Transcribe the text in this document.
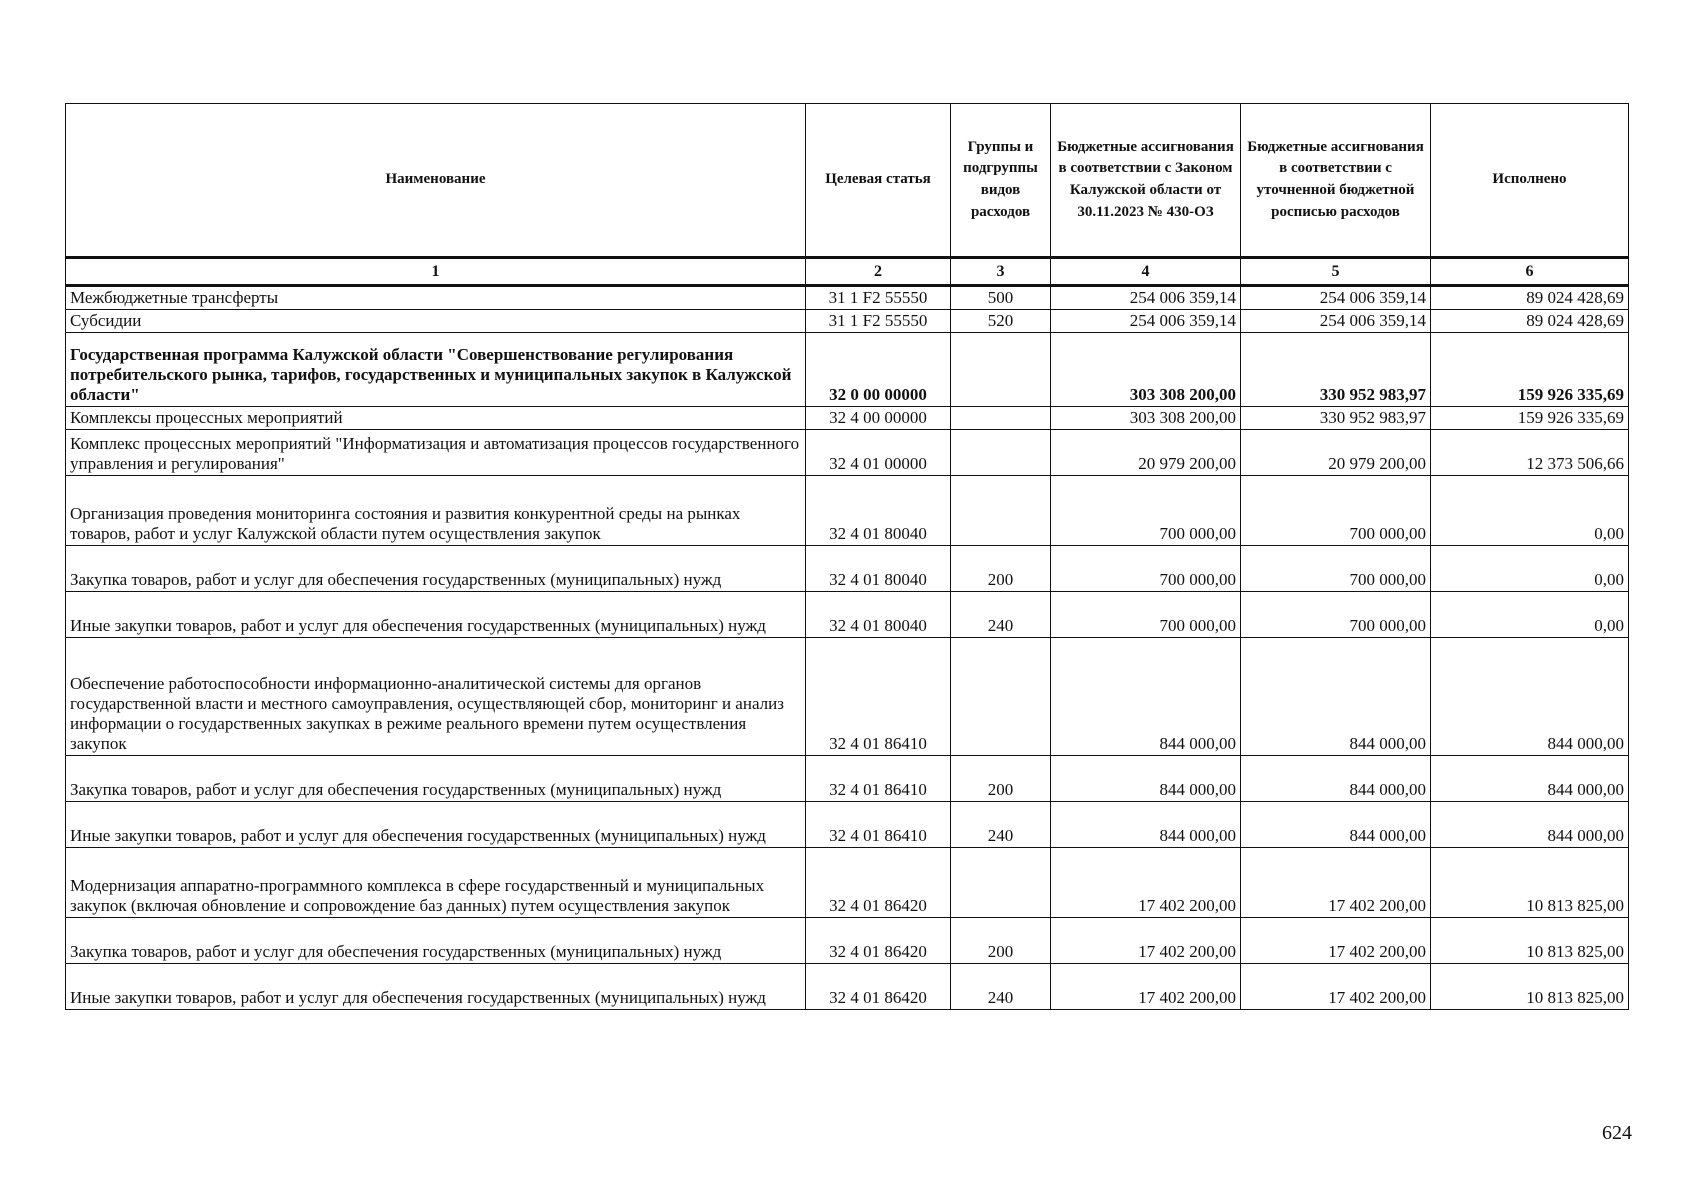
Наименование	Целевая статья	Группы и подгруппы видов расходов	Бюджетные ассигнования в соответствии с Законом Калужской области от 30.11.2023 № 430-ОЗ	Бюджетные ассигнования в соответствии с уточненной бюджетной росписью расходов	Исполнено
1	2	3	4	5	6
Межбюджетные трансферты	31 1 F2 55550	500	254 006 359,14	254 006 359,14	89 024 428,69
Субсидии	31 1 F2 55550	520	254 006 359,14	254 006 359,14	89 024 428,69
Государственная программа Калужской области "Совершенствование регулирования потребительского рынка, тарифов, государственных и муниципальных закупок в Калужской области"	32 0 00 00000		303 308 200,00	330 952 983,97	159 926 335,69
Комплексы процессных мероприятий	32 4 00 00000		303 308 200,00	330 952 983,97	159 926 335,69
Комплекс процессных мероприятий "Информатизация и автоматизация процессов государственного управления и регулирования"	32 4 01 00000		20 979 200,00	20 979 200,00	12 373 506,66
Организация проведения мониторинга состояния и развития конкурентной среды на рынках товаров, работ и услуг Калужской области путем осуществления закупок	32 4 01 80040		700 000,00	700 000,00	0,00
Закупка товаров, работ и услуг для обеспечения государственных (муниципальных) нужд	32 4 01 80040	200	700 000,00	700 000,00	0,00
Иные закупки товаров, работ и услуг для обеспечения государственных (муниципальных) нужд	32 4 01 80040	240	700 000,00	700 000,00	0,00
Обеспечение работоспособности информационно-аналитической системы для органов государственной власти и местного самоуправления, осуществляющей сбор, мониторинг и анализ информации о государственных закупках в режиме реального времени путем осуществления закупок	32 4 01 86410		844 000,00	844 000,00	844 000,00
Закупка товаров, работ и услуг для обеспечения государственных (муниципальных) нужд	32 4 01 86410	200	844 000,00	844 000,00	844 000,00
Иные закупки товаров, работ и услуг для обеспечения государственных (муниципальных) нужд	32 4 01 86410	240	844 000,00	844 000,00	844 000,00
Модернизация аппаратно-программного комплекса в сфере государственный и муниципальных закупок (включая обновление и сопровождение баз данных) путем осуществления закупок	32 4 01 86420		17 402 200,00	17 402 200,00	10 813 825,00
Закупка товаров, работ и услуг для обеспечения государственных (муниципальных) нужд	32 4 01 86420	200	17 402 200,00	17 402 200,00	10 813 825,00
Иные закупки товаров, работ и услуг для обеспечения государственных (муниципальных) нужд	32 4 01 86420	240	17 402 200,00	17 402 200,00	10 813 825,00
624
